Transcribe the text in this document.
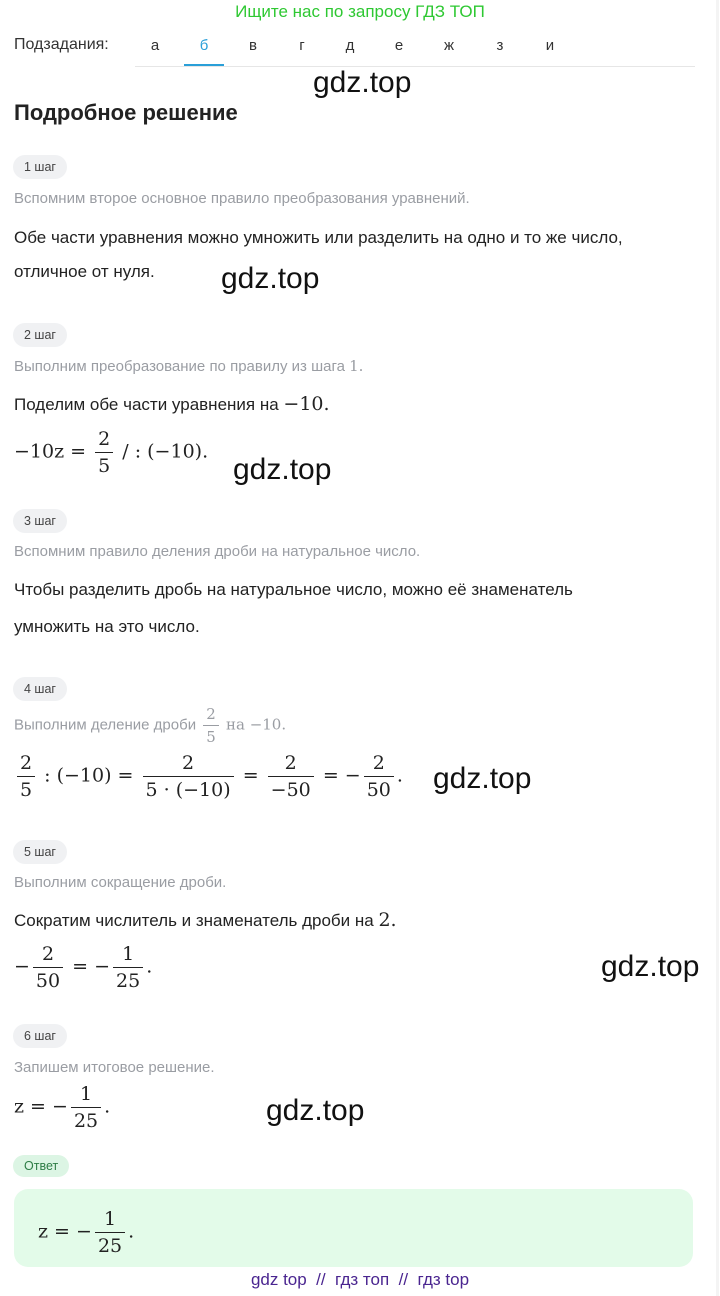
Ищите нас по запросу ГДЗ ТОП
Подзадания:	а	б	в	г	д	е	ж	з	и
gdz.top
gdz.top
gdz.top
gdz.top
gdz.top
gdz.top
Подробное решение
1 шаг
Вспомним второе основное правило преобразования уравнений.
Обе части уравнения можно умножить или разделить на одно и то же число,
отличное от нуля.
2 шаг
Выполним преобразование по правилу из шага 1.
Поделим обе части уравнения на −10.
$-10z = \frac{2}{5}$ / : (−10).
3 шаг
Вспомним правило деления дроби на натуральное число.
Чтобы разделить дробь на натуральное число, можно её знаменатель
умножить на это число.
4 шаг
Выполним деление дроби $\frac{2}{5}$ на −10.
$\frac{2}{5}$ : $(-10) = \frac{2}{5 \cdot (-10)} = \frac{2}{-50}$ = − $\frac{2}{50}$ .
5 шаг
Выполним сокращение дроби.
Сократим числитель и знаменатель дроби на 2.
− $\frac{2}{50}$ = − $\frac{1}{25}$ .
6 шаг
Запишем итоговое решение.
z = − $\frac{1}{25}$ .
Ответ
z = − $\frac{1}{25}$ .
gdz top  //  гдз топ  //  гдз top
